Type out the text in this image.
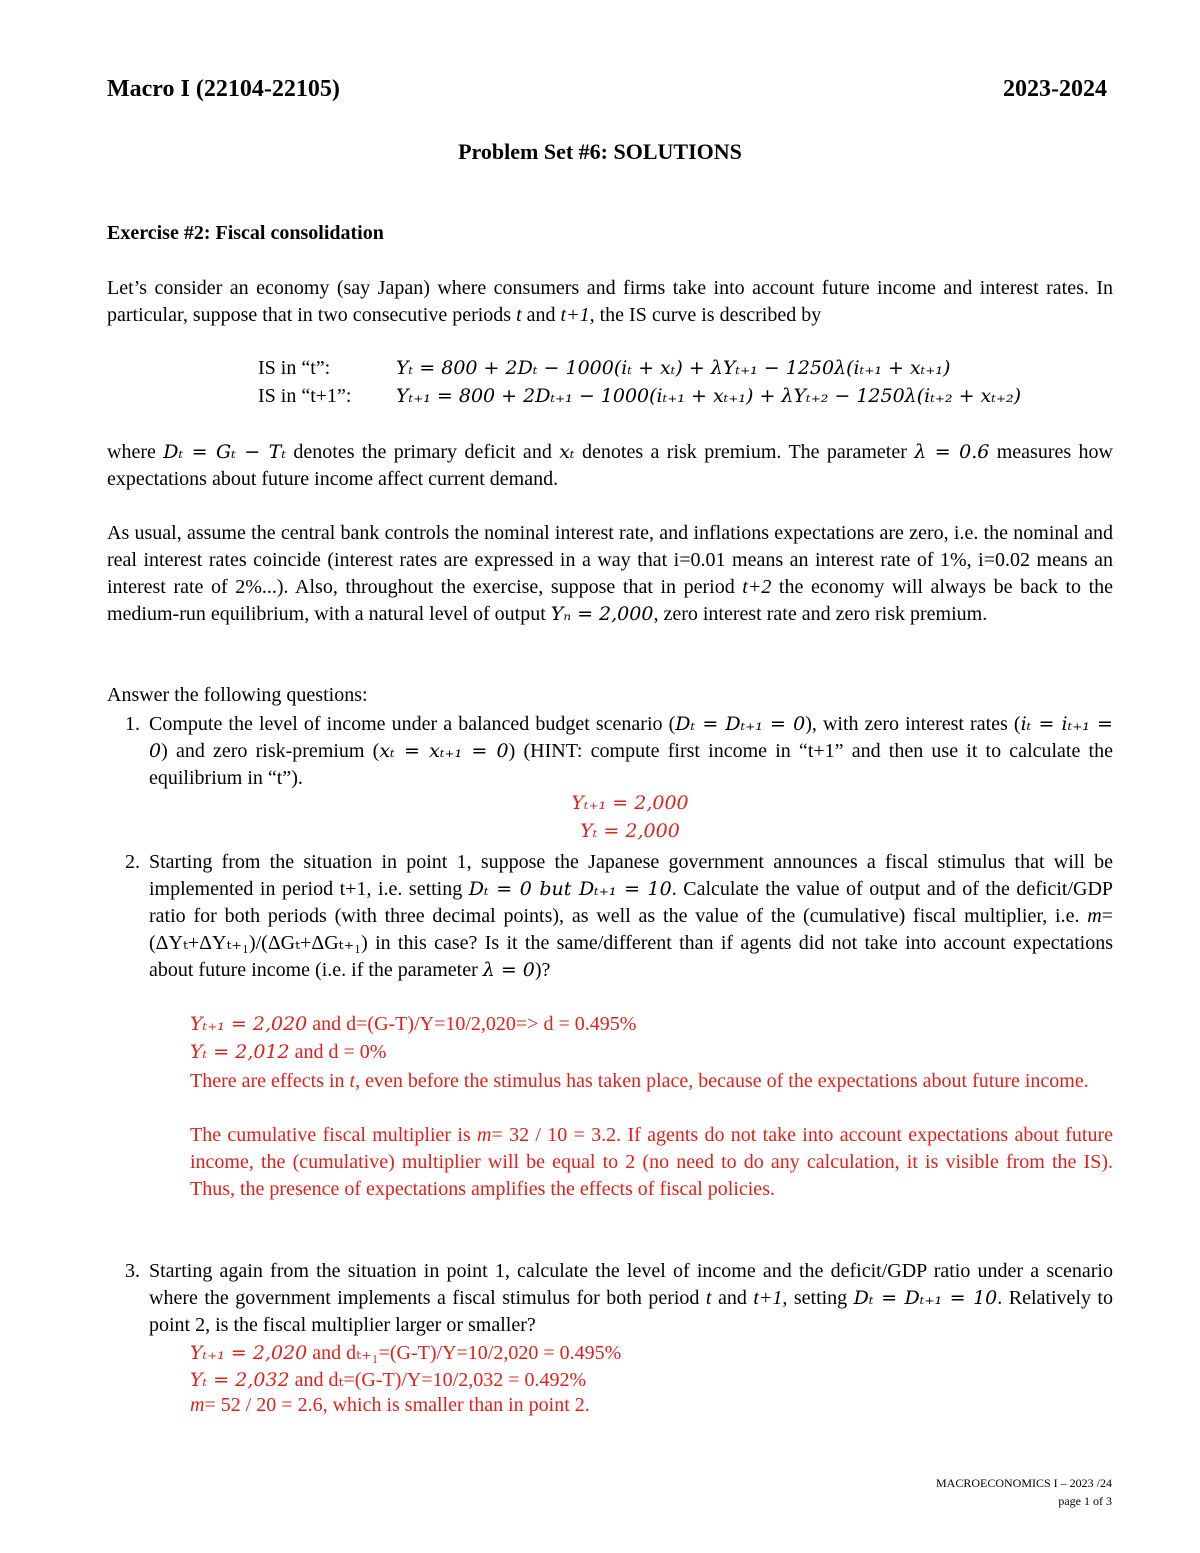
Macro I (22104-22105)	2023-2024
Problem Set #6: SOLUTIONS
Exercise #2: Fiscal consolidation
Let’s consider an economy (say Japan) where consumers and firms take into account future income and interest rates. In particular, suppose that in two consecutive periods t and t+1, the IS curve is described by
IS in “t”:	Yₜ = 800 + 2Dₜ − 1000(iₜ + xₜ) + λYₜ₊₁ − 1250λ(iₜ₊₁ + xₜ₊₁)
IS in “t+1”: Yₜ₊₁ = 800 + 2Dₜ₊₁ − 1000(iₜ₊₁ + xₜ₊₁) + λYₜ₊₂ − 1250λ(iₜ₊₂ + xₜ₊₂)
where Dₜ = Gₜ − Tₜ denotes the primary deficit and xₜ denotes a risk premium. The parameter λ = 0.6 measures how expectations about future income affect current demand.
As usual, assume the central bank controls the nominal interest rate, and inflations expectations are zero, i.e. the nominal and real interest rates coincide (interest rates are expressed in a way that i=0.01 means an interest rate of 1%, i=0.02 means an interest rate of 2%...). Also, throughout the exercise, suppose that in period t+2 the economy will always be back to the medium-run equilibrium, with a natural level of output Yₙ = 2,000, zero interest rate and zero risk premium.
Answer the following questions:
1. Compute the level of income under a balanced budget scenario (Dₜ = Dₜ₊₁ = 0), with zero interest rates (iₜ = iₜ₊₁ = 0) and zero risk-premium (xₜ = xₜ₊₁ = 0) (HINT: compute first income in “t+1” and then use it to calculate the equilibrium in “t”).
Yₜ₊₁ = 2,000
Yₜ = 2,000
2. Starting from the situation in point 1, suppose the Japanese government announces a fiscal stimulus that will be implemented in period t+1, i.e. setting Dₜ = 0 but Dₜ₊₁ = 10. Calculate the value of output and of the deficit/GDP ratio for both periods (with three decimal points), as well as the value of the (cumulative) fiscal multiplier, i.e. m=(ΔYₜ+ΔYₜ₊₁)/(ΔGₜ+ΔGₜ₊₁) in this case? Is it the same/different than if agents did not take into account expectations about future income (i.e. if the parameter λ = 0)?
Yₜ₊₁ = 2,020 and d=(G-T)/Y=10/2,020=> d = 0.495%
Yₜ = 2,012 and d = 0%
There are effects in t, even before the stimulus has taken place, because of the expectations about future income.
The cumulative fiscal multiplier is m= 32 / 10 = 3.2. If agents do not take into account expectations about future income, the (cumulative) multiplier will be equal to 2 (no need to do any calculation, it is visible from the IS). Thus, the presence of expectations amplifies the effects of fiscal policies.
3. Starting again from the situation in point 1, calculate the level of income and the deficit/GDP ratio under a scenario where the government implements a fiscal stimulus for both period t and t+1, setting Dₜ = Dₜ₊₁ = 10. Relatively to point 2, is the fiscal multiplier larger or smaller?
Yₜ₊₁ = 2,020 and dₜ₊₁=(G-T)/Y=10/2,020 = 0.495%
Yₜ = 2,032 and dₜ=(G-T)/Y=10/2,032 = 0.492%
m= 52 / 20 = 2.6, which is smaller than in point 2.
MACROECONOMICS I – 2023 /24
page 1 of 3
